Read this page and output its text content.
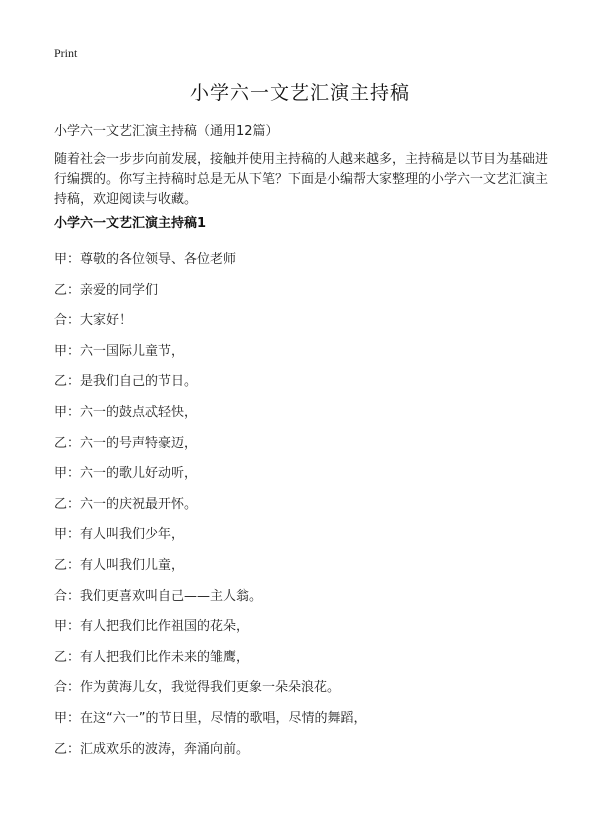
Print
小学六一文艺汇演主持稿
小学六一文艺汇演主持稿（通用12篇）
随着社会一步步向前发展，接触并使用主持稿的人越来越多，主持稿是以节目为基础进行编撰的。你写主持稿时总是无从下笔？下面是小编帮大家整理的小学六一文艺汇演主持稿，欢迎阅读与收藏。
小学六一文艺汇演主持稿1
甲：尊敬的各位领导、各位老师
乙：亲爱的同学们
合：大家好！
甲：六一国际儿童节，
乙：是我们自己的节日。
甲：六一的鼓点忒轻快，
乙：六一的号声特豪迈，
甲：六一的歌儿好动听，
乙：六一的庆祝最开怀。
甲：有人叫我们少年，
乙：有人叫我们儿童，
合：我们更喜欢叫自己——主人翁。
甲：有人把我们比作祖国的花朵，
乙：有人把我们比作未来的雏鹰，
合：作为黄海儿女，我觉得我们更象一朵朵浪花。
甲：在这“六一”的节日里，尽情的歌唱，尽情的舞蹈，
乙：汇成欢乐的波涛，奔涌向前。
